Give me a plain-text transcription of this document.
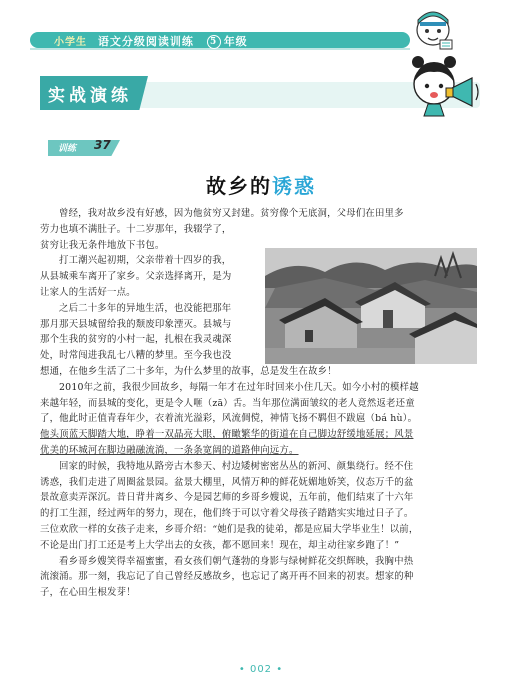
小学生 语文分级阅读训练 5 年级
实战演练
训练 37
故乡的诱惑
曾经，我对故乡没有好感，因为他贫穷又封建。贫穷像个无底洞，父母们在田里多
劳力也填不满肚子。十二岁那年，我辍学了，
贫穷让我无条件地放下书包。
打工潮兴起初期，父亲带着十四岁的我，
从县城乘车离开了家乡。父亲选择离开，是为
让家人的生活好一点。
之后二十多年的异地生活，也没能把那年
那月那天县城留给我的颓废印象湮灭。县城与
那个生我的贫穷的小村一起，扎根在我灵魂深
处，时常闯进我乱七八糟的梦里。至今我也没
想通，在他乡生活了二十多年，为什么梦里的故事，总是发生在故乡！
2010年之前，我很少回故乡，每隔一年才在过年时回来小住几天。如今小村的模样越
来越年轻，而县城的变化，更是令人咂（zā）舌。当年那位满面皱纹的老人竟然返老还童
了，他此时正值青春年少，衣着流光溢彩，风流倜傥，神情飞扬不羁但不跋扈（bá hù）。
他头顶蓝天脚踏大地，睁着一双晶亮大眼，俯瞰繁华的街道在自己脚边舒缓地延展；风景
优美的环城河在脚边融融流淌，一条条宽阔的道路伸向远方。
回家的时候，我特地从路旁古木参天、村边矮树密密丛丛的新河、颜集绕行。经不住
诱惑，我们走进了周圈盆景园。盆景大棚里，风情万种的鲜花妩媚地娇笑，仪态万千的盆
景故意卖弄深沉。昔日背井离乡、今是园艺师的乡哥乡嫂说，五年前，他们结束了十六年
的打工生涯，经过两年的努力，现在，他们终于可以守着父母孩子踏踏实实地过日子了。
三位欢欣一样的女孩子走来，乡哥介绍：“她们是我的徒弟，都是应届大学毕业生！以前，
不论是出门打工还是考上大学出去的女孩，都不愿回来！现在，却主动往家乡跑了！”
看乡哥乡嫂笑得幸福蜜蜜，看女孩们朝气蓬勃的身影与绿树鲜花交织辉映，我胸中热
流滚涌。那一刻，我忘记了自己曾经反感故乡，也忘记了离开再不回来的初衷。想家的种
子，在心田生根发芽！
• 002 •
